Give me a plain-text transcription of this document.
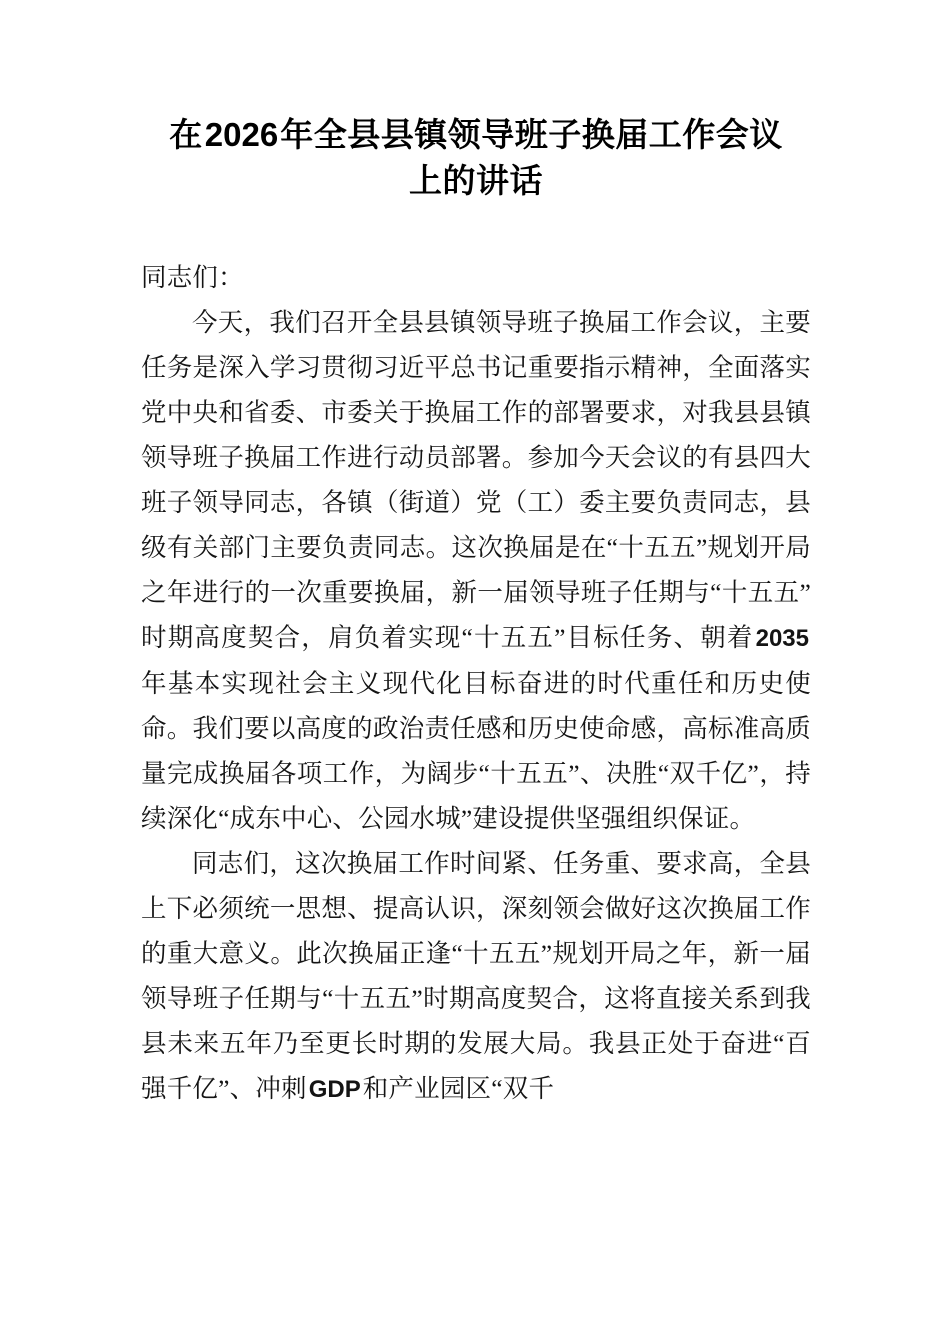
在2026年全县县镇领导班子换届工作会议
上的讲话

同志们：

今天，我们召开全县县镇领导班子换届工作会议，主要任务是深入学习贯彻习近平总书记重要指示精神，全面落实党中央和省委、市委关于换届工作的部署要求，对我县县镇领导班子换届工作进行动员部署。参加今天会议的有县四大班子领导同志，各镇（街道）党（工）委主要负责同志，县级有关部门主要负责同志。这次换届是在“十五五”规划开局之年进行的一次重要换届，新一届领导班子任期与“十五五”时期高度契合，肩负着实现“十五五”目标任务、朝着2035年基本实现社会主义现代化目标奋进的时代重任和历史使命。我们要以高度的政治责任感和历史使命感，高标准高质量完成换届各项工作，为阔步“十五五”、决胜“双千亿”，持续深化“成东中心、公园水城”建设提供坚强组织保证。

同志们，这次换届工作时间紧、任务重、要求高，全县上下必须统一思想、提高认识，深刻领会做好这次换届工作的重大意义。此次换届正逢“十五五”规划开局之年，新一届领导班子任期与“十五五”时期高度契合，这将直接关系到我县未来五年乃至更长时期的发展大局。我县正处于奋进“百强千亿”、冲刺GDP和产业园区“双千
